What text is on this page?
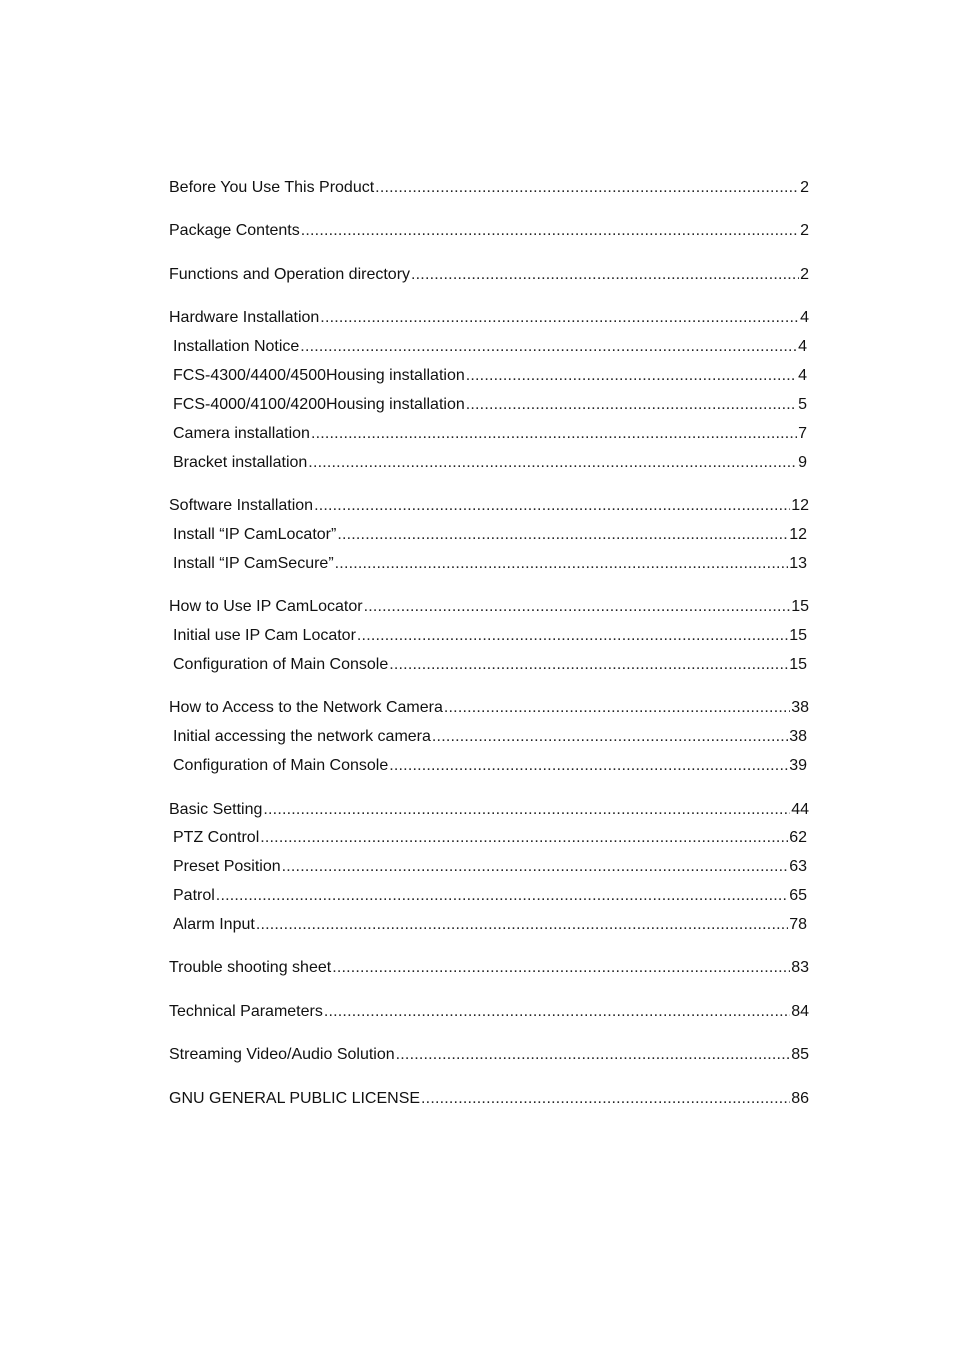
Before You Use This Product .....	2
Package Contents .....	2
Functions and Operation directory .....	2
Hardware Installation .....	4
Installation Notice .....	4
FCS-4300/4400/4500Housing installation .....	4
FCS-4000/4100/4200Housing installation .....	5
Camera installation .....	7
Bracket installation .....	9
Software Installation .....	12
Install “IP CamLocator” .....	12
Install “IP CamSecure” .....	13
How to Use IP CamLocator .....	15
Initial use IP Cam Locator .....	15
Configuration of Main Console .....	15
How to Access to the Network Camera .....	38
Initial accessing the network camera .....	38
Configuration of Main Console .....	39
Basic Setting .....	44
PTZ Control .....	62
Preset Position .....	63
Patrol .....	65
Alarm Input .....	78
Trouble shooting sheet .....	83
Technical Parameters .....	84
Streaming Video/Audio Solution .....	85
GNU GENERAL PUBLIC LICENSE .....	86
